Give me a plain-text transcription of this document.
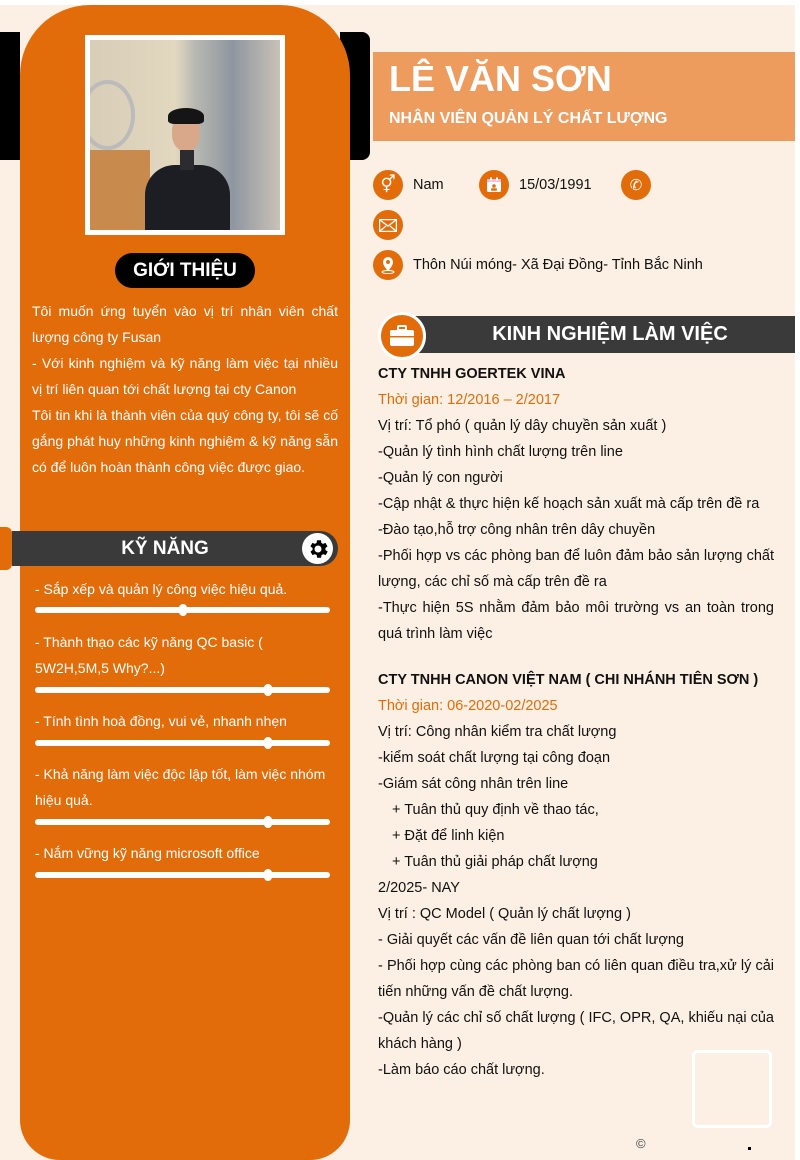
GIỚI THIỆU

Tôi muốn ứng tuyển vào vị trí nhân viên chất lượng công ty Fusan

- Với kinh nghiệm và kỹ năng làm việc tại nhiều vị trí liên quan tới chất lượng tại cty Canon

Tôi tin khi là thành viên của quý công ty, tôi sẽ cố gắng phát huy những kinh nghiệm & kỹ năng sẵn có để luôn hoàn thành công việc được giao.

KỸ NĂNG
- Sắp xếp và quản lý công việc hiệu quả.
- Thành thạo các kỹ năng QC basic ( 5W2H,5M,5 Why?...)
- Tính tình hoà đồng, vui vẻ, nhanh nhẹn
- Khả năng làm việc độc lập tốt, làm việc nhóm hiệu quả.
- Nắm vững kỹ năng microsoft office
LÊ VĂN SƠN
NHÂN VIÊN QUẢN LÝ CHẤT LƯỢNG
⚥ Nam	15/03/1991	✆
Thôn Núi móng- Xã Đại Đồng- Tỉnh Bắc Ninh
KINH NGHIỆM LÀM VIỆC
CTY TNHH GOERTEK VINA
Thời gian: 12/2016 – 2/2017
Vị trí: Tổ phó ( quản lý dây chuyền sản xuất )
-Quản lý tình hình chất lượng trên line
-Quản lý con người
-Cập nhật & thực hiện kế hoạch sản xuất mà cấp trên đề ra
-Đào tạo,hỗ trợ công nhân trên dây chuyền
-Phối hợp vs các phòng ban để luôn đảm bảo sản lượng chất lượng, các chỉ số mà cấp trên đề ra
-Thực hiện 5S nhằm đảm bảo môi trường vs an toàn trong quá trình làm việc
CTY TNHH CANON VIỆT NAM ( CHI NHÁNH TIÊN SƠN )
Thời gian: 06-2020-02/2025
Vị trí: Công nhân kiểm tra chất lượng
-kiểm soát chất lượng tại công đoạn
-Giám sát công nhân trên line
+ Tuân thủ quy định về thao tác,
+ Đặt để linh kiện
+ Tuân thủ giải pháp chất lượng
2/2025- NAY
Vị trí : QC Model ( Quản lý chất lượng )
- Giải quyết các vấn đề liên quan tới chất lượng
- Phối hợp cùng các phòng ban có liên quan điều tra,xử lý cải tiến những vấn đề chất lượng.
-Quản lý các chỉ số chất lượng ( IFC, OPR, QA, khiếu nại của khách hàng )
-Làm báo cáo chất lượng.
©
